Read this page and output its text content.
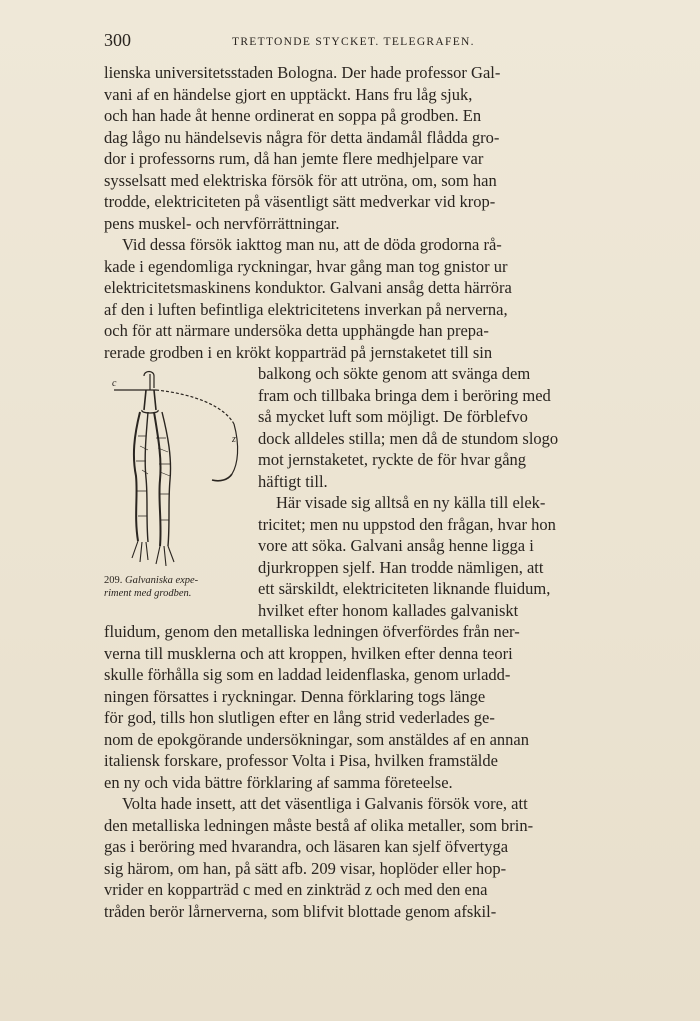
300	TRETTONDE STYCKET. TELEGRAFEN.

lienska universitetsstaden Bologna. Der hade professor Gal-

vani af en händelse gjort en upptäckt. Hans fru låg sjuk,

och han hade åt henne ordinerat en soppa på grodben. En

dag lågo nu händelsevis några för detta ändamål flådda gro-

dor i professorns rum, då han jemte flere medhjelpare var

sysselsatt med elektriska försök för att utröna, om, som han

trodde, elektriciteten på väsentligt sätt medverkar vid krop-

pens muskel- och nervförrättningar.

Vid dessa försök iakttog man nu, att de döda grodorna rå-

kade i egendomliga ryckningar, hvar gång man tog gnistor ur

elektricitetsmaskinens konduktor. Galvani ansåg detta härröra

af den i luften befintliga elektricitetens inverkan på nerverna,

och för att närmare undersöka detta upphängde han prepa-

rerade grodben i en krökt kopparträd på jernstaketet till sin

c
z

balkong och sökte genom att svänga dem

fram och tillbaka bringa dem i beröring med

så mycket luft som möjligt. De förblefvo

dock alldeles stilla; men då de stundom slogo

mot jernstaketet, ryckte de för hvar gång

häftigt till.

Här visade sig alltså en ny källa till elek-

tricitet; men nu uppstod den frågan, hvar hon

vore att söka. Galvani ansåg henne ligga i

djurkroppen sjelf. Han trodde nämligen, att

ett särskildt, elektriciteten liknande fluidum,

hvilket efter honom kallades galvaniskt

209. Galvaniska expe-
riment med grodben.

fluidum, genom den metalliska ledningen öfverfördes från ner-

verna till musklerna och att kroppen, hvilken efter denna teori

skulle förhålla sig som en laddad leidenflaska, genom urladd-

ningen försattes i ryckningar. Denna förklaring togs länge

för god, tills hon slutligen efter en lång strid vederlades ge-

nom de epokgörande undersökningar, som anstäldes af en annan

italiensk forskare, professor Volta i Pisa, hvilken framstälde

en ny och vida bättre förklaring af samma företeelse.

Volta hade insett, att det väsentliga i Galvanis försök vore, att

den metalliska ledningen måste bestå af olika metaller, som brin-

gas i beröring med hvarandra, och läsaren kan sjelf öfvertyga

sig härom, om han, på sätt afb. 209 visar, hoplöder eller hop-

vrider en kopparträd c med en zinkträd z och med den ena

tråden berör lårnerverna, som blifvit blottade genom afskil-
